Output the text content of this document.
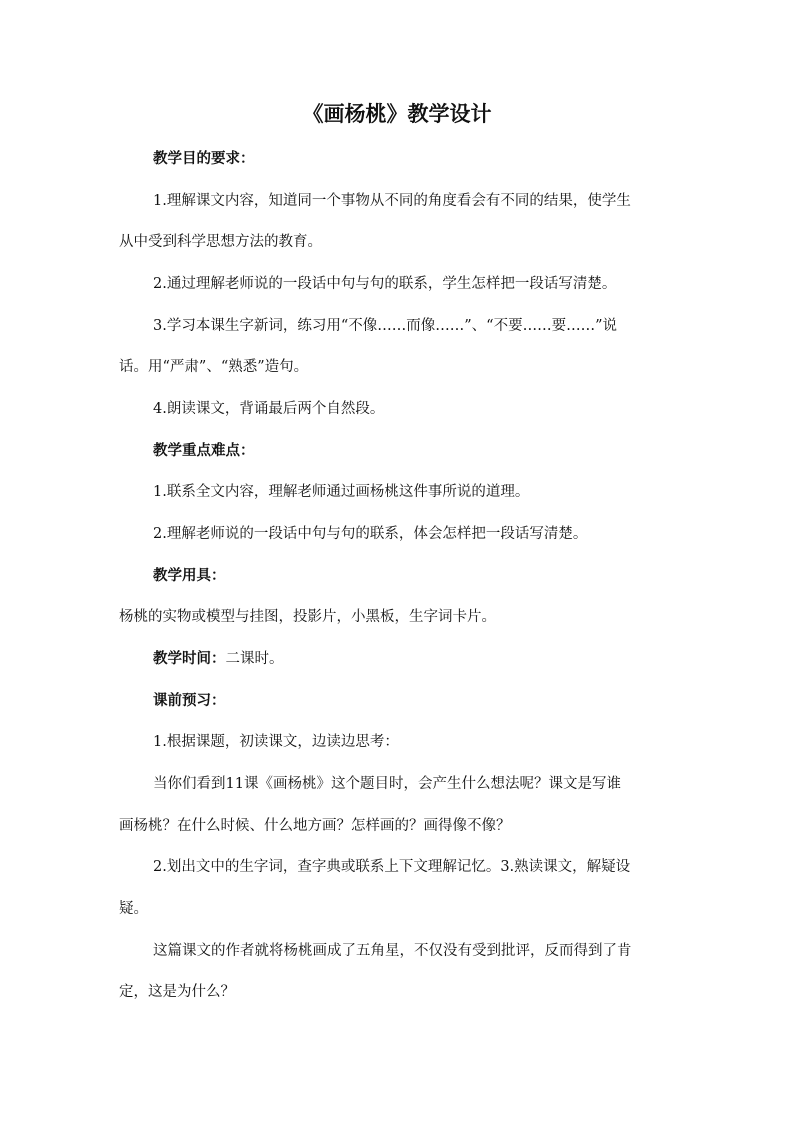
《画杨桃》教学设计
教学目的要求：
1.理解课文内容，知道同一个事物从不同的角度看会有不同的结果，使学生
从中受到科学思想方法的教育。
2.通过理解老师说的一段话中句与句的联系，学生怎样把一段话写清楚。
3.学习本课生字新词，练习用“不像……而像……”、“不要……要……”说
话。用“严肃”、“熟悉”造句。
4.朗读课文，背诵最后两个自然段。
教学重点难点：
1.联系全文内容，理解老师通过画杨桃这件事所说的道理。
2.理解老师说的一段话中句与句的联系，体会怎样把一段话写清楚。
教学用具：
杨桃的实物或模型与挂图，投影片，小黑板，生字词卡片。
教学时间：二课时。
课前预习：
1.根据课题，初读课文，边读边思考：
当你们看到11课《画杨桃》这个题目时，会产生什么想法呢？课文是写谁
画杨桃？在什么时候、什么地方画？怎样画的？画得像不像？
2.划出文中的生字词，查字典或联系上下文理解记忆。3.熟读课文，解疑设
疑。
这篇课文的作者就将杨桃画成了五角星，不仅没有受到批评，反而得到了肯
定，这是为什么？
